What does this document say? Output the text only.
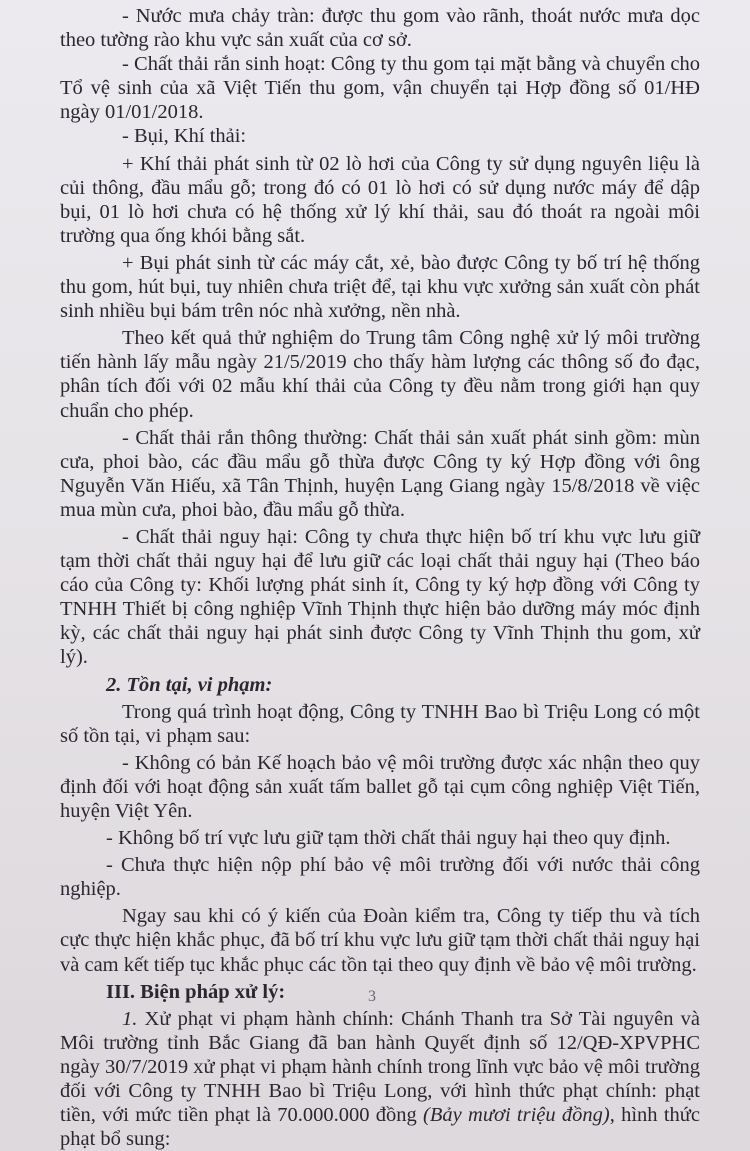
- Nước mưa chảy tràn: được thu gom vào rãnh, thoát nước mưa dọc theo tường rào khu vực sản xuất của cơ sở.

- Chất thải rắn sinh hoạt: Công ty thu gom tại mặt bằng và chuyển cho Tổ vệ sinh của xã Việt Tiến thu gom, vận chuyển tại Hợp đồng số 01/HĐ ngày 01/01/2018.

- Bụi, Khí thải:

+ Khí thải phát sinh từ 02 lò hơi của Công ty sử dụng nguyên liệu là củi thông, đầu mẩu gỗ; trong đó có 01 lò hơi có sử dụng nước máy để dập bụi, 01 lò hơi chưa có hệ thống xử lý khí thải, sau đó thoát ra ngoài môi trường qua ống khói bằng sắt.

+ Bụi phát sinh từ các máy cắt, xẻ, bào được Công ty bố trí hệ thống thu gom, hút bụi, tuy nhiên chưa triệt để, tại khu vực xưởng sản xuất còn phát sinh nhiều bụi bám trên nóc nhà xưởng, nền nhà.

Theo kết quả thử nghiệm do Trung tâm Công nghệ xử lý môi trường tiến hành lấy mẫu ngày 21/5/2019 cho thấy hàm lượng các thông số đo đạc, phân tích đối với 02 mẫu khí thải của Công ty đều nằm trong giới hạn quy chuẩn cho phép.

- Chất thải rắn thông thường: Chất thải sản xuất phát sinh gồm: mùn cưa, phoi bào, các đầu mẩu gỗ thừa được Công ty ký Hợp đồng với ông Nguyễn Văn Hiếu, xã Tân Thịnh, huyện Lạng Giang ngày 15/8/2018 về việc mua mùn cưa, phoi bào, đầu mẩu gỗ thừa.

- Chất thải nguy hại: Công ty chưa thực hiện bố trí khu vực lưu giữ tạm thời chất thải nguy hại để lưu giữ các loại chất thải nguy hại (Theo báo cáo của Công ty: Khối lượng phát sinh ít, Công ty ký hợp đồng với Công ty TNHH Thiết bị công nghiệp Vĩnh Thịnh thực hiện bảo dưỡng máy móc định kỳ, các chất thải nguy hại phát sinh được Công ty Vĩnh Thịnh thu gom, xử lý).

2. Tồn tại, vi phạm:

Trong quá trình hoạt động, Công ty TNHH Bao bì Triệu Long có một số tồn tại, vi phạm sau:

- Không có bản Kế hoạch bảo vệ môi trường được xác nhận theo quy định đối với hoạt động sản xuất tấm ballet gỗ tại cụm công nghiệp Việt Tiến, huyện Việt Yên.

- Không bố trí vực lưu giữ tạm thời chất thải nguy hại theo quy định.

- Chưa thực hiện nộp phí bảo vệ môi trường đối với nước thải công nghiệp.

Ngay sau khi có ý kiến của Đoàn kiểm tra, Công ty tiếp thu và tích cực thực hiện khắc phục, đã bố trí khu vực lưu giữ tạm thời chất thải nguy hại và cam kết tiếp tục khắc phục các tồn tại theo quy định về bảo vệ môi trường.

III. Biện pháp xử lý:

1. Xử phạt vi phạm hành chính: Chánh Thanh tra Sở Tài nguyên và Môi trường tỉnh Bắc Giang đã ban hành Quyết định số 12/QĐ-XPVPHC ngày 30/7/2019 xử phạt vi phạm hành chính trong lĩnh vực bảo vệ môi trường đối với Công ty TNHH Bao bì Triệu Long, với hình thức phạt chính: phạt tiền, với mức tiền phạt là 70.000.000 đồng (Bảy mươi triệu đồng), hình thức phạt bổ sung:

3
